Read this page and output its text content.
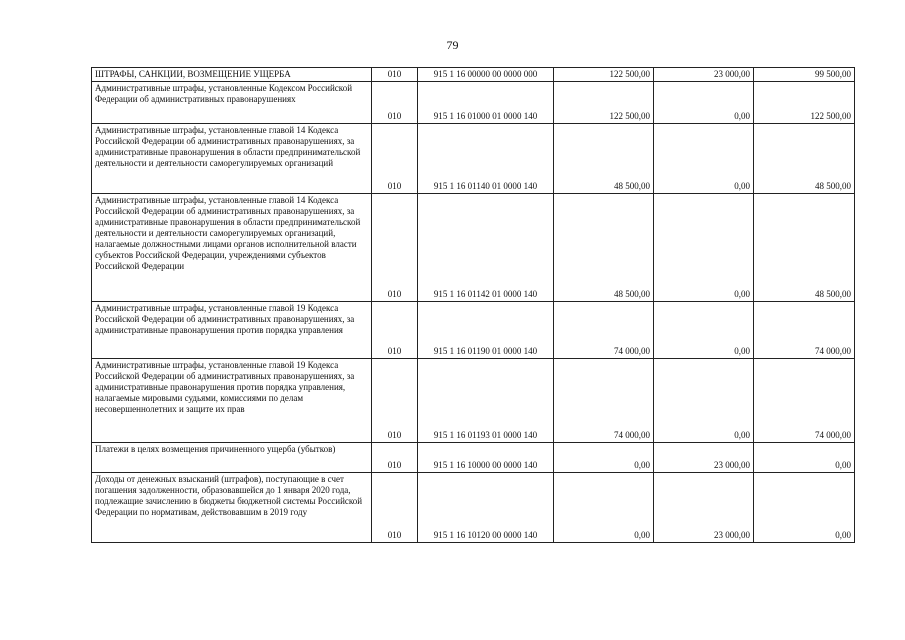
79
ШТРАФЫ, САНКЦИИ, ВОЗМЕЩЕНИЕ УЩЕРБА	010	915 1 16 00000 00 0000 000	122 500,00	23 000,00	99 500,00
Административные штрафы, установленные Кодексом Российской Федерации об административных правонарушениях	010	915 1 16 01000 01 0000 140	122 500,00	0,00	122 500,00
Административные штрафы, установленные главой 14 Кодекса Российской Федерации об административных правонарушениях, за административные правонарушения в области предпринимательской деятельности и деятельности саморегулируемых организаций	010	915 1 16 01140 01 0000 140	48 500,00	0,00	48 500,00
Административные штрафы, установленные главой 14 Кодекса Российской Федерации об административных правонарушениях, за административные правонарушения в области предпринимательской деятельности и деятельности саморегулируемых организаций, налагаемые должностными лицами органов исполнительной власти субъектов Российской Федерации, учреждениями субъектов Российской Федерации	010	915 1 16 01142 01 0000 140	48 500,00	0,00	48 500,00
Административные штрафы, установленные главой 19 Кодекса Российской Федерации об административных правонарушениях, за административные правонарушения против порядка управления	010	915 1 16 01190 01 0000 140	74 000,00	0,00	74 000,00
Административные штрафы, установленные главой 19 Кодекса Российской Федерации об административных правонарушениях, за административные правонарушения против порядка управления, налагаемые мировыми судьями, комиссиями по делам несовершеннолетних и защите их прав	010	915 1 16 01193 01 0000 140	74 000,00	0,00	74 000,00
Платежи в целях возмещения причиненного ущерба (убытков)	010	915 1 16 10000 00 0000 140	0,00	23 000,00	0,00
Доходы от денежных взысканий (штрафов), поступающие в счет погашения задолженности, образовавшейся до 1 января 2020 года, подлежащие зачислению в бюджеты бюджетной системы Российской Федерации по нормативам, действовавшим в 2019 году	010	915 1 16 10120 00 0000 140	0,00	23 000,00	0,00
